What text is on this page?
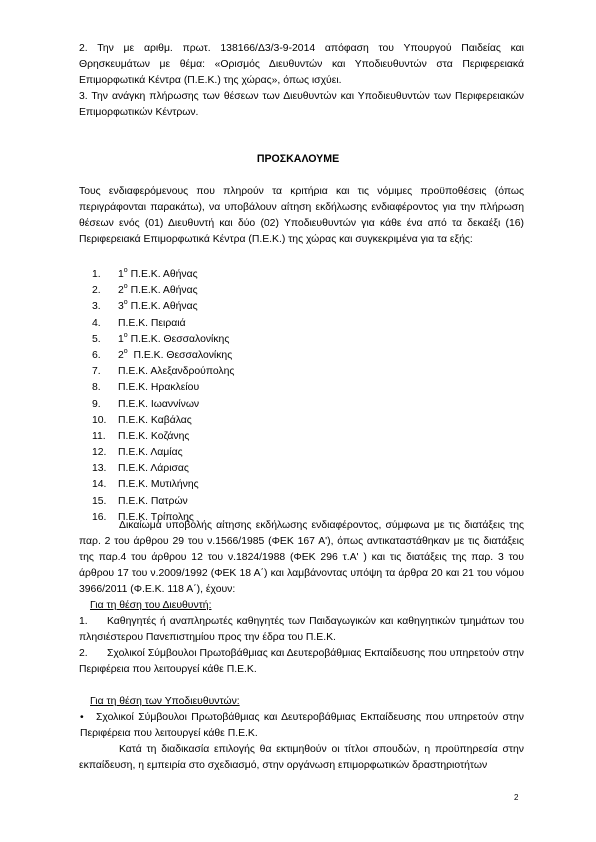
2. Την με αριθμ. πρωτ. 138166/Δ3/3-9-2014 απόφαση του Υπουργού Παιδείας και Θρησκευμάτων με θέμα: «Ορισμός Διευθυντών και Υποδιευθυντών στα Περιφερειακά Επιμορφωτικά Κέντρα (Π.Ε.Κ.) της χώρας», όπως ισχύει.

3. Την ανάγκη πλήρωσης των θέσεων των Διευθυντών και Υποδιευθυντών των Περιφερειακών Επιμορφωτικών Κέντρων.

ΠΡΟΣΚΑΛΟΥΜΕ

Τους ενδιαφερόμενους που πληρούν τα κριτήρια και τις νόμιμες προϋποθέσεις (όπως περιγράφονται παρακάτω), να υποβάλουν αίτηση εκδήλωσης ενδιαφέροντος για την πλήρωση θέσεων ενός (01) Διευθυντή και δύο (02) Υποδιευθυντών για κάθε ένα από τα δεκαέξι (16) Περιφερειακά Επιμορφωτικά Κέντρα (Π.Ε.Κ.) της χώρας και συγκεκριμένα για τα εξής:

1. $1^o$ Π.Ε.Κ. Αθήνας
2. $2^o$ Π.Ε.Κ. Αθήνας
3. $3^o$ Π.Ε.Κ. Αθήνας
4. Π.Ε.Κ. Πειραιά
5. $1^o$ Π.Ε.Κ. Θεσσαλονίκης
6. $2^o$  Π.Ε.Κ. Θεσσαλονίκης
7. Π.Ε.Κ. Αλεξανδρούπολης
8. Π.Ε.Κ. Ηρακλείου
9. Π.Ε.Κ. Ιωαννίνων
10. Π.Ε.Κ. Καβάλας
11. Π.Ε.Κ. Κοζάνης
12. Π.Ε.Κ. Λαμίας
13. Π.Ε.Κ. Λάρισας
14. Π.Ε.Κ. Μυτιλήνης
15. Π.Ε.Κ. Πατρών
16. Π.Ε.Κ. Τρίπολης

Δικαίωμα υποβολής αίτησης εκδήλωσης ενδιαφέροντος, σύμφωνα με τις διατάξεις της παρ. 2 του άρθρου 29 του ν.1566/1985 (ΦΕΚ 167 Α'), όπως αντικαταστάθηκαν με τις διατάξεις της παρ.4 του άρθρου 12 του ν.1824/1988 (ΦΕΚ 296 τ.Α' ) και τις διατάξεις της παρ. 3 του άρθρου 17 του ν.2009/1992 (ΦΕΚ 18 Α΄) και λαμβάνοντας υπόψη τα άρθρα 20 και 21 του νόμου 3966/2011 (Φ.Ε.Κ. 118 Α΄), έχουν:

Για τη θέση του Διευθυντή:
1. Καθηγητές ή αναπληρωτές καθηγητές των Παιδαγωγικών και καθηγητικών τμημάτων του πλησιέστερου Πανεπιστημίου προς την έδρα του Π.Ε.Κ.
2. Σχολικοί Σύμβουλοι Πρωτοβάθμιας και Δευτεροβάθμιας Εκπαίδευσης που υπηρετούν στην Περιφέρεια που λειτουργεί κάθε Π.Ε.Κ.
Για τη θέση των Υποδιευθυντών:
• Σχολικοί Σύμβουλοι Πρωτοβάθμιας και Δευτεροβάθμιας Εκπαίδευσης που υπηρετούν στην Περιφέρεια που λειτουργεί κάθε Π.Ε.Κ.

Κατά τη διαδικασία επιλογής θα εκτιμηθούν οι τίτλοι σπουδών, η προϋπηρεσία στην εκπαίδευση, η εμπειρία στο σχεδιασμό, στην οργάνωση επιμορφωτικών δραστηριοτήτων

2
